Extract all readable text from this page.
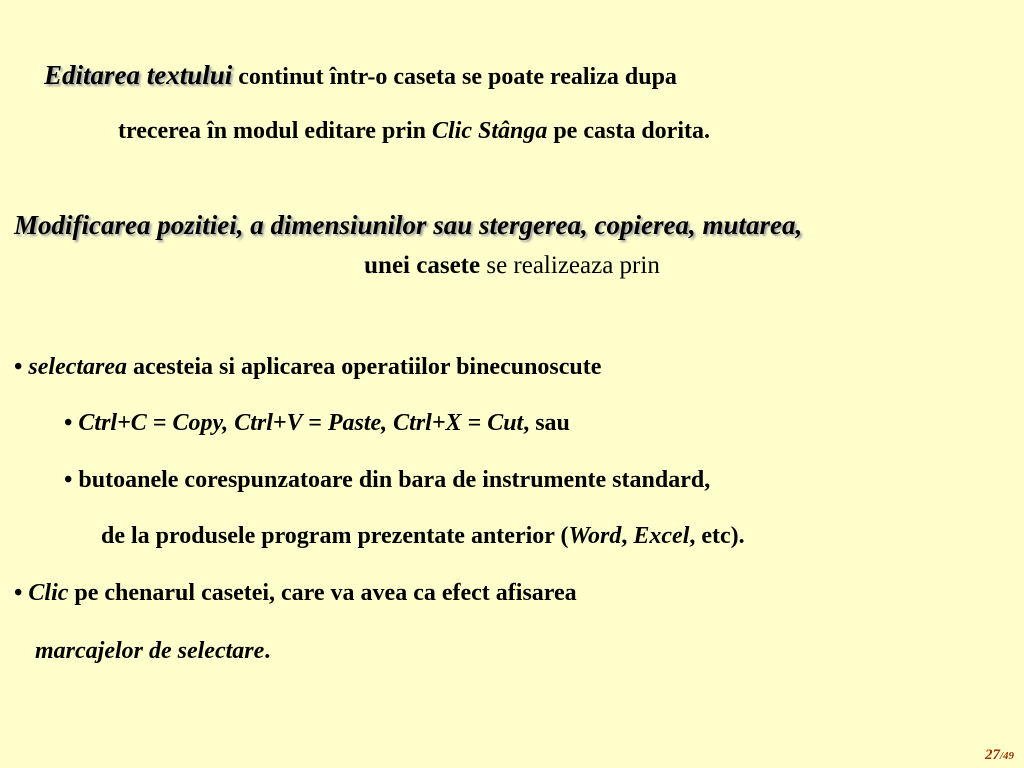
Editarea textului continut într-o caseta se poate realiza dupa
trecerea în modul editare prin Clic Stânga pe casta dorita.
Modificarea pozitiei, a dimensiunilor sau stergerea, copierea, mutarea,
unei casete se realizeaza prin
• selectarea acesteia si aplicarea operatiilor binecunoscute
• Ctrl+C = Copy, Ctrl+V = Paste, Ctrl+X = Cut, sau
• butoanele corespunzatoare din bara de instrumente standard,
de la produsele program prezentate anterior (Word, Excel, etc).
• Clic pe chenarul casetei, care va avea ca efect afisarea
marcajelor de selectare.
27/49
